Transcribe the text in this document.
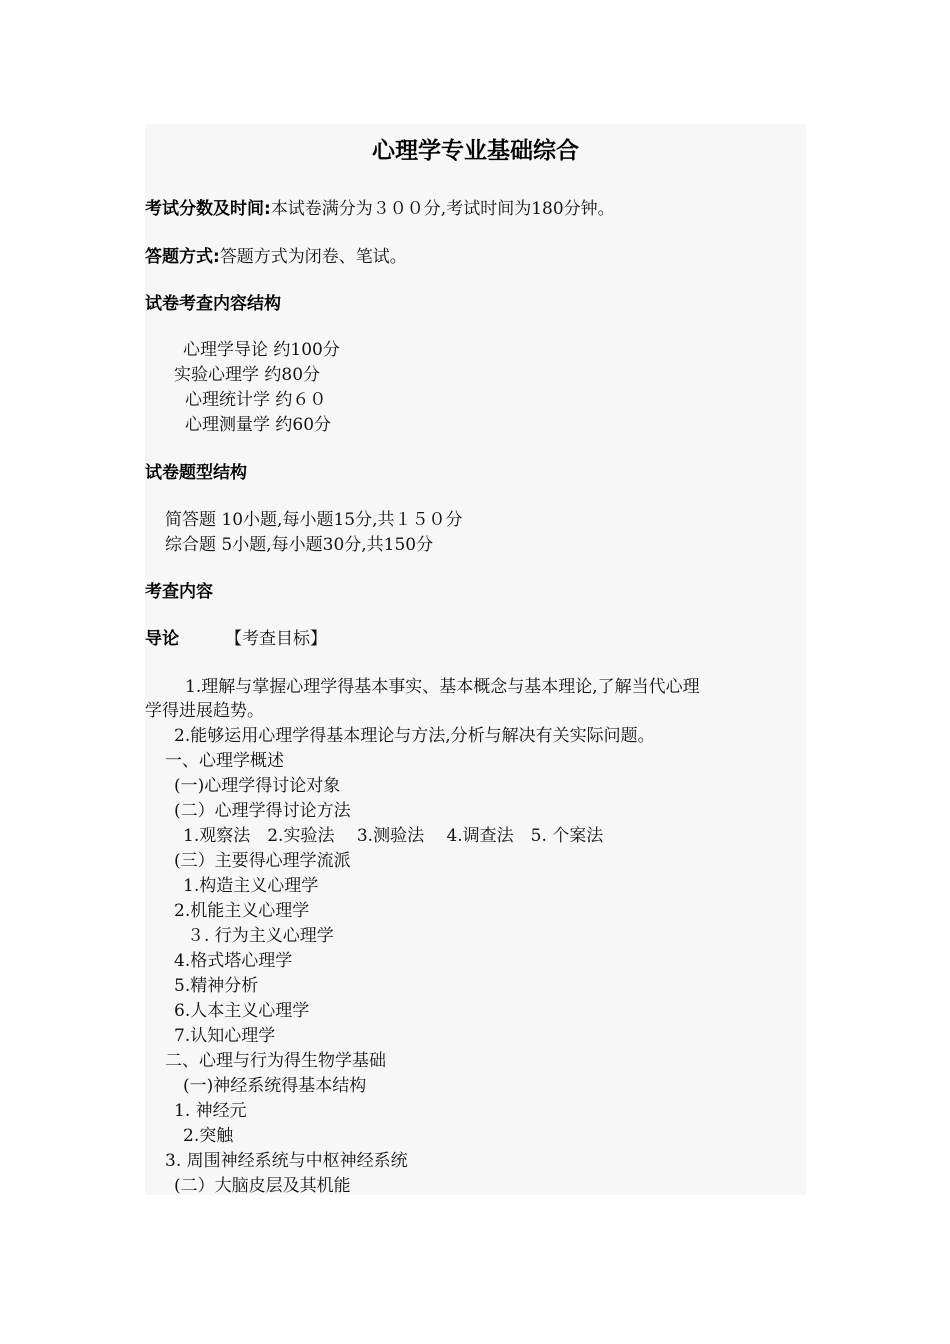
心理学专业基础综合
考试分数及时间:本试卷满分为３００分,考试时间为180分钟。
答题方式:答题方式为闭卷、笔试。
试卷考查内容结构
心理学导论 约100分
实验心理学 约80分
心理统计学 约６０
心理测量学 约60分
试卷题型结构
简答题 10小题,每小题15分,共１５０分
综合题 5小题,每小题30分,共150分
考查内容
导论	【考查目标】
1.理解与掌握心理学得基本事实、基本概念与基本理论,了解当代心理
学得进展趋势。
2.能够运用心理学得基本理论与方法,分析与解决有关实际问题。
一、心理学概述
(一)心理学得讨论对象
(二）心理学得讨论方法
1.观察法　2.实验法　 3.测验法　 4.调查法　5. 个案法
(三）主要得心理学流派
1.构造主义心理学
2.机能主义心理学
３. 行为主义心理学
4.格式塔心理学
5.精神分析
6.人本主义心理学
7.认知心理学
二、心理与行为得生物学基础
(一)神经系统得基本结构
1. 神经元
2.突触
3. 周围神经系统与中枢神经系统
(二）大脑皮层及其机能
